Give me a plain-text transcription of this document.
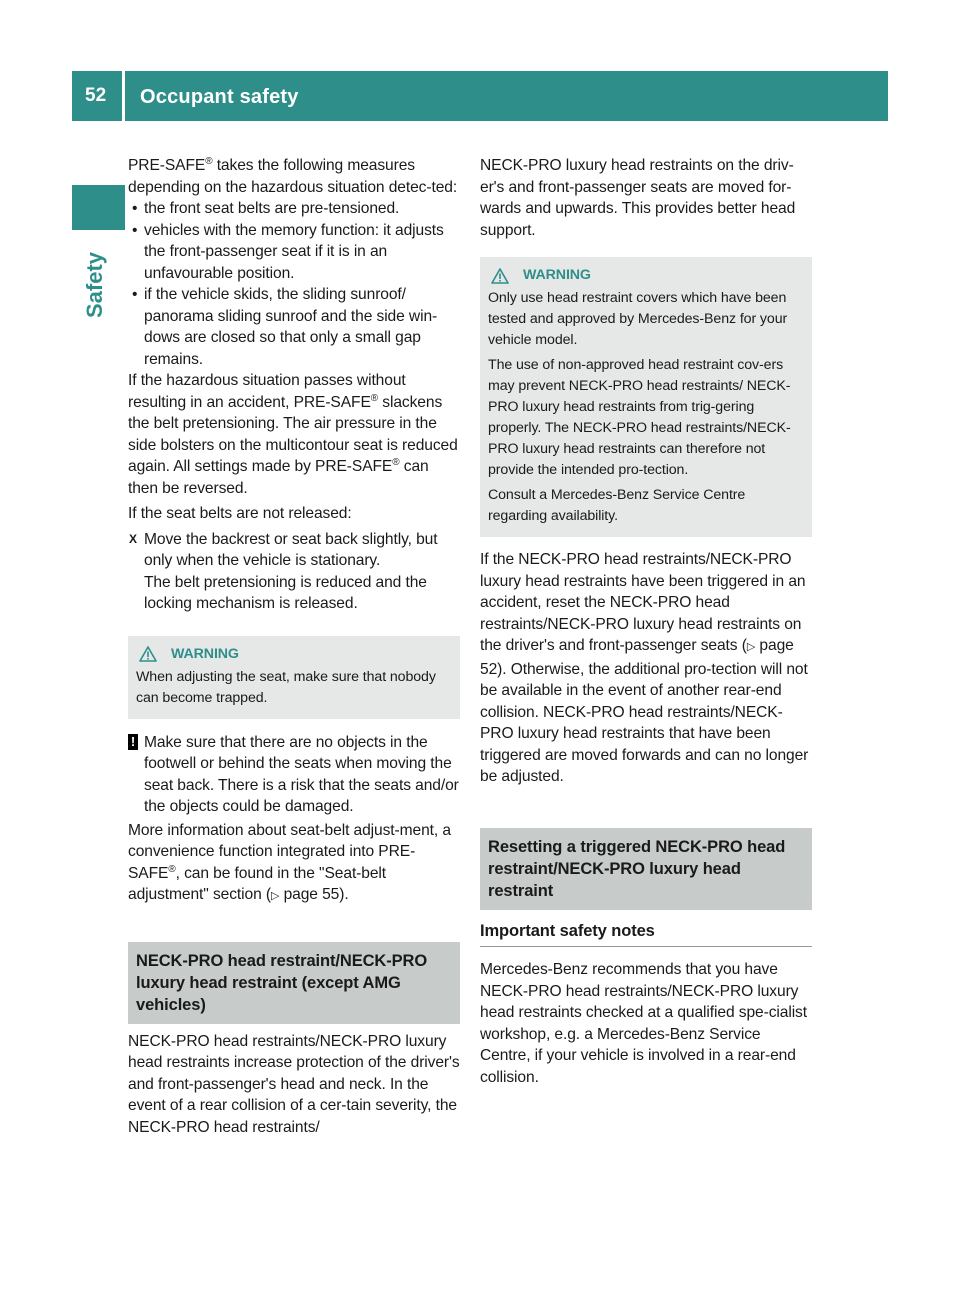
52	Occupant safety
Safety

PRE-SAFE® takes the following measures depending on the hazardous situation detec-ted:

• the front seat belts are pre-tensioned.

• vehicles with the memory function: it adjusts the front-passenger seat if it is in an unfavourable position.

• if the vehicle skids, the sliding sunroof/ panorama sliding sunroof and the side win-dows are closed so that only a small gap remains.

If the hazardous situation passes without resulting in an accident, PRE-SAFE® slackens the belt pretensioning. The air pressure in the side bolsters on the multicontour seat is reduced again. All settings made by PRE-SAFE® can then be reversed.

If the seat belts are not released:

X Move the backrest or seat back slightly, but only when the vehicle is stationary.

The belt pretensioning is reduced and the locking mechanism is released.

WARNING

When adjusting the seat, make sure that nobody can become trapped.

! Make sure that there are no objects in the footwell or behind the seats when moving the seat back. There is a risk that the seats and/or the objects could be damaged.

More information about seat-belt adjust-ment, a convenience function integrated into PRE-SAFE®, can be found in the "Seat-belt adjustment" section (▷ page 55).

NECK-PRO head restraint/NECK-PRO luxury head restraint (except AMG vehicles)

NECK-PRO head restraints/NECK-PRO luxury head restraints increase protection of the driver's and front-passenger's head and neck. In the event of a rear collision of a cer-tain severity, the NECK-PRO head restraints/

NECK-PRO luxury head restraints on the driv-er's and front-passenger seats are moved for-wards and upwards. This provides better head support.

WARNING

Only use head restraint covers which have been tested and approved by Mercedes-Benz for your vehicle model.

The use of non-approved head restraint cov-ers may prevent NECK-PRO head restraints/ NECK-PRO luxury head restraints from trig-gering properly. The NECK-PRO head restraints/NECK-PRO luxury head restraints can therefore not provide the intended pro-tection.

Consult a Mercedes-Benz Service Centre regarding availability.

If the NECK-PRO head restraints/NECK-PRO luxury head restraints have been triggered in an accident, reset the NECK-PRO head restraints/NECK-PRO luxury head restraints on the driver's and front-passenger seats (▷ page 52). Otherwise, the additional pro-tection will not be available in the event of another rear-end collision. NECK-PRO head restraints/NECK-PRO luxury head restraints that have been triggered are moved forwards and can no longer be adjusted.

Resetting a triggered NECK-PRO head restraint/NECK-PRO luxury head restraint
Important safety notes

Mercedes-Benz recommends that you have NECK-PRO head restraints/NECK-PRO luxury head restraints checked at a qualified spe-cialist workshop, e.g. a Mercedes-Benz Service Centre, if your vehicle is involved in a rear-end collision.
